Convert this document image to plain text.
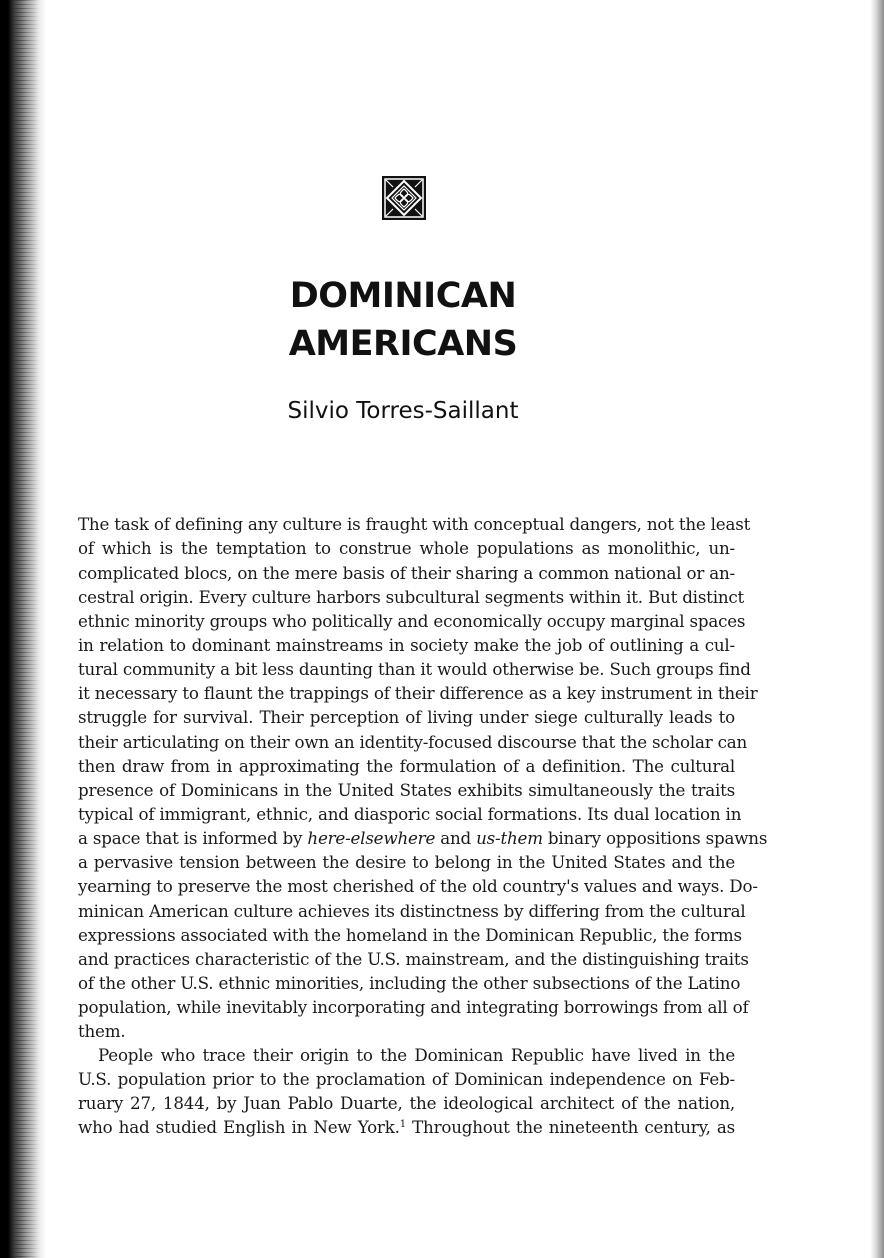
DOMINICAN
AMERICANS
Silvio Torres-Saillant
The task of defining any culture is fraught with conceptual dangers, not the least
of which is the temptation to construe whole populations as monolithic, un-
complicated blocs, on the mere basis of their sharing a common national or an-
cestral origin. Every culture harbors subcultural segments within it. But distinct
ethnic minority groups who politically and economically occupy marginal spaces
in relation to dominant mainstreams in society make the job of outlining a cul-
tural community a bit less daunting than it would otherwise be. Such groups find
it necessary to flaunt the trappings of their difference as a key instrument in their
struggle for survival. Their perception of living under siege culturally leads to
their articulating on their own an identity-focused discourse that the scholar can
then draw from in approximating the formulation of a definition. The cultural
presence of Dominicans in the United States exhibits simultaneously the traits
typical of immigrant, ethnic, and diasporic social formations. Its dual location in
a space that is informed by here-elsewhere and us-them binary oppositions spawns
a pervasive tension between the desire to belong in the United States and the
yearning to preserve the most cherished of the old country's values and ways. Do-
minican American culture achieves its distinctness by differing from the cultural
expressions associated with the homeland in the Dominican Republic, the forms
and practices characteristic of the U.S. mainstream, and the distinguishing traits
of the other U.S. ethnic minorities, including the other subsections of the Latino
population, while inevitably incorporating and integrating borrowings from all of
them.
People who trace their origin to the Dominican Republic have lived in the
U.S. population prior to the proclamation of Dominican independence on Feb-
ruary 27, 1844, by Juan Pablo Duarte, the ideological architect of the nation,
who had studied English in New York.$^1$ Throughout the nineteenth century, as
